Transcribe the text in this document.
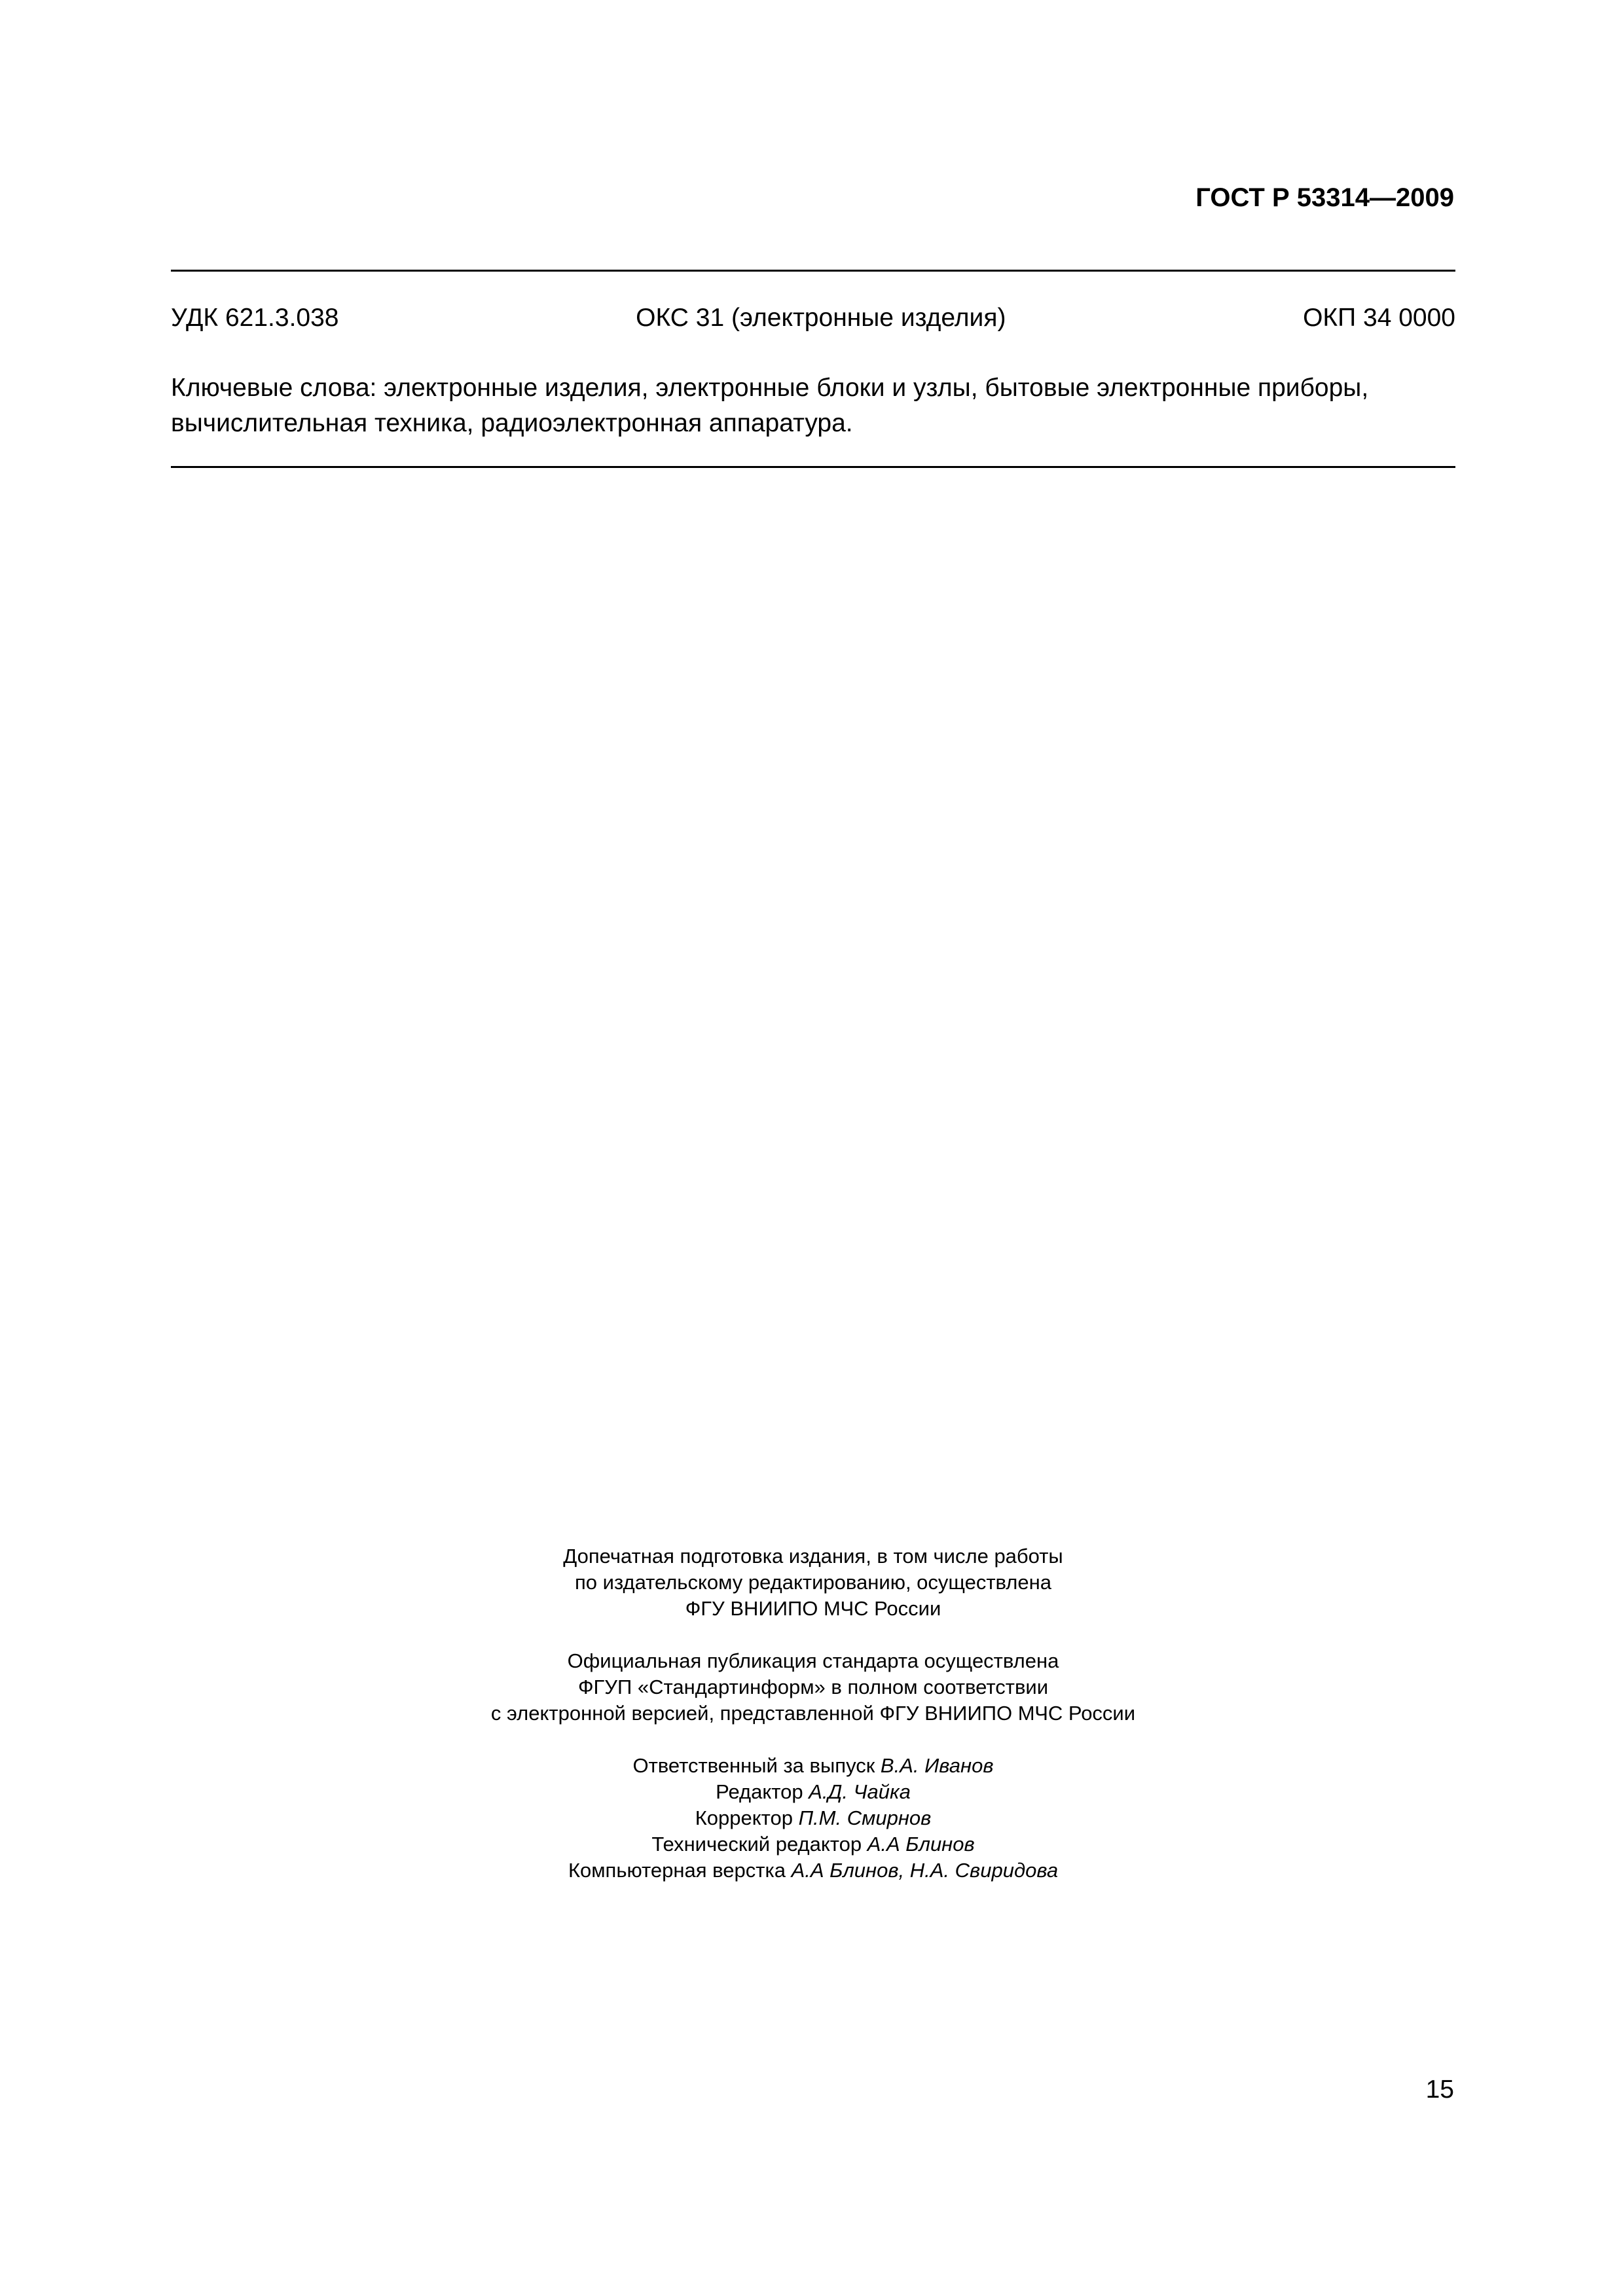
ГОСТ Р 53314—2009
УДК 621.3.038	ОКС 31 (электронные изделия)	ОКП 34 0000
Ключевые слова: электронные изделия, электронные блоки и узлы, бытовые электронные приборы,
вычислительная техника, радиоэлектронная аппаратура.

Допечатная подготовка издания, в том числе работы

по издательскому редактированию, осуществлена

ФГУ ВНИИПО МЧС России

Официальная публикация стандарта осуществлена

ФГУП «Стандартинформ» в полном соответствии

с электронной версией, представленной ФГУ ВНИИПО МЧС России

Ответственный за выпуск В.А. Иванов

Редактор А.Д. Чайка

Корректор П.М. Смирнов

Технический редактор А.А Блинов

Компьютерная верстка А.А Блинов, Н.А. Свиридова

15
